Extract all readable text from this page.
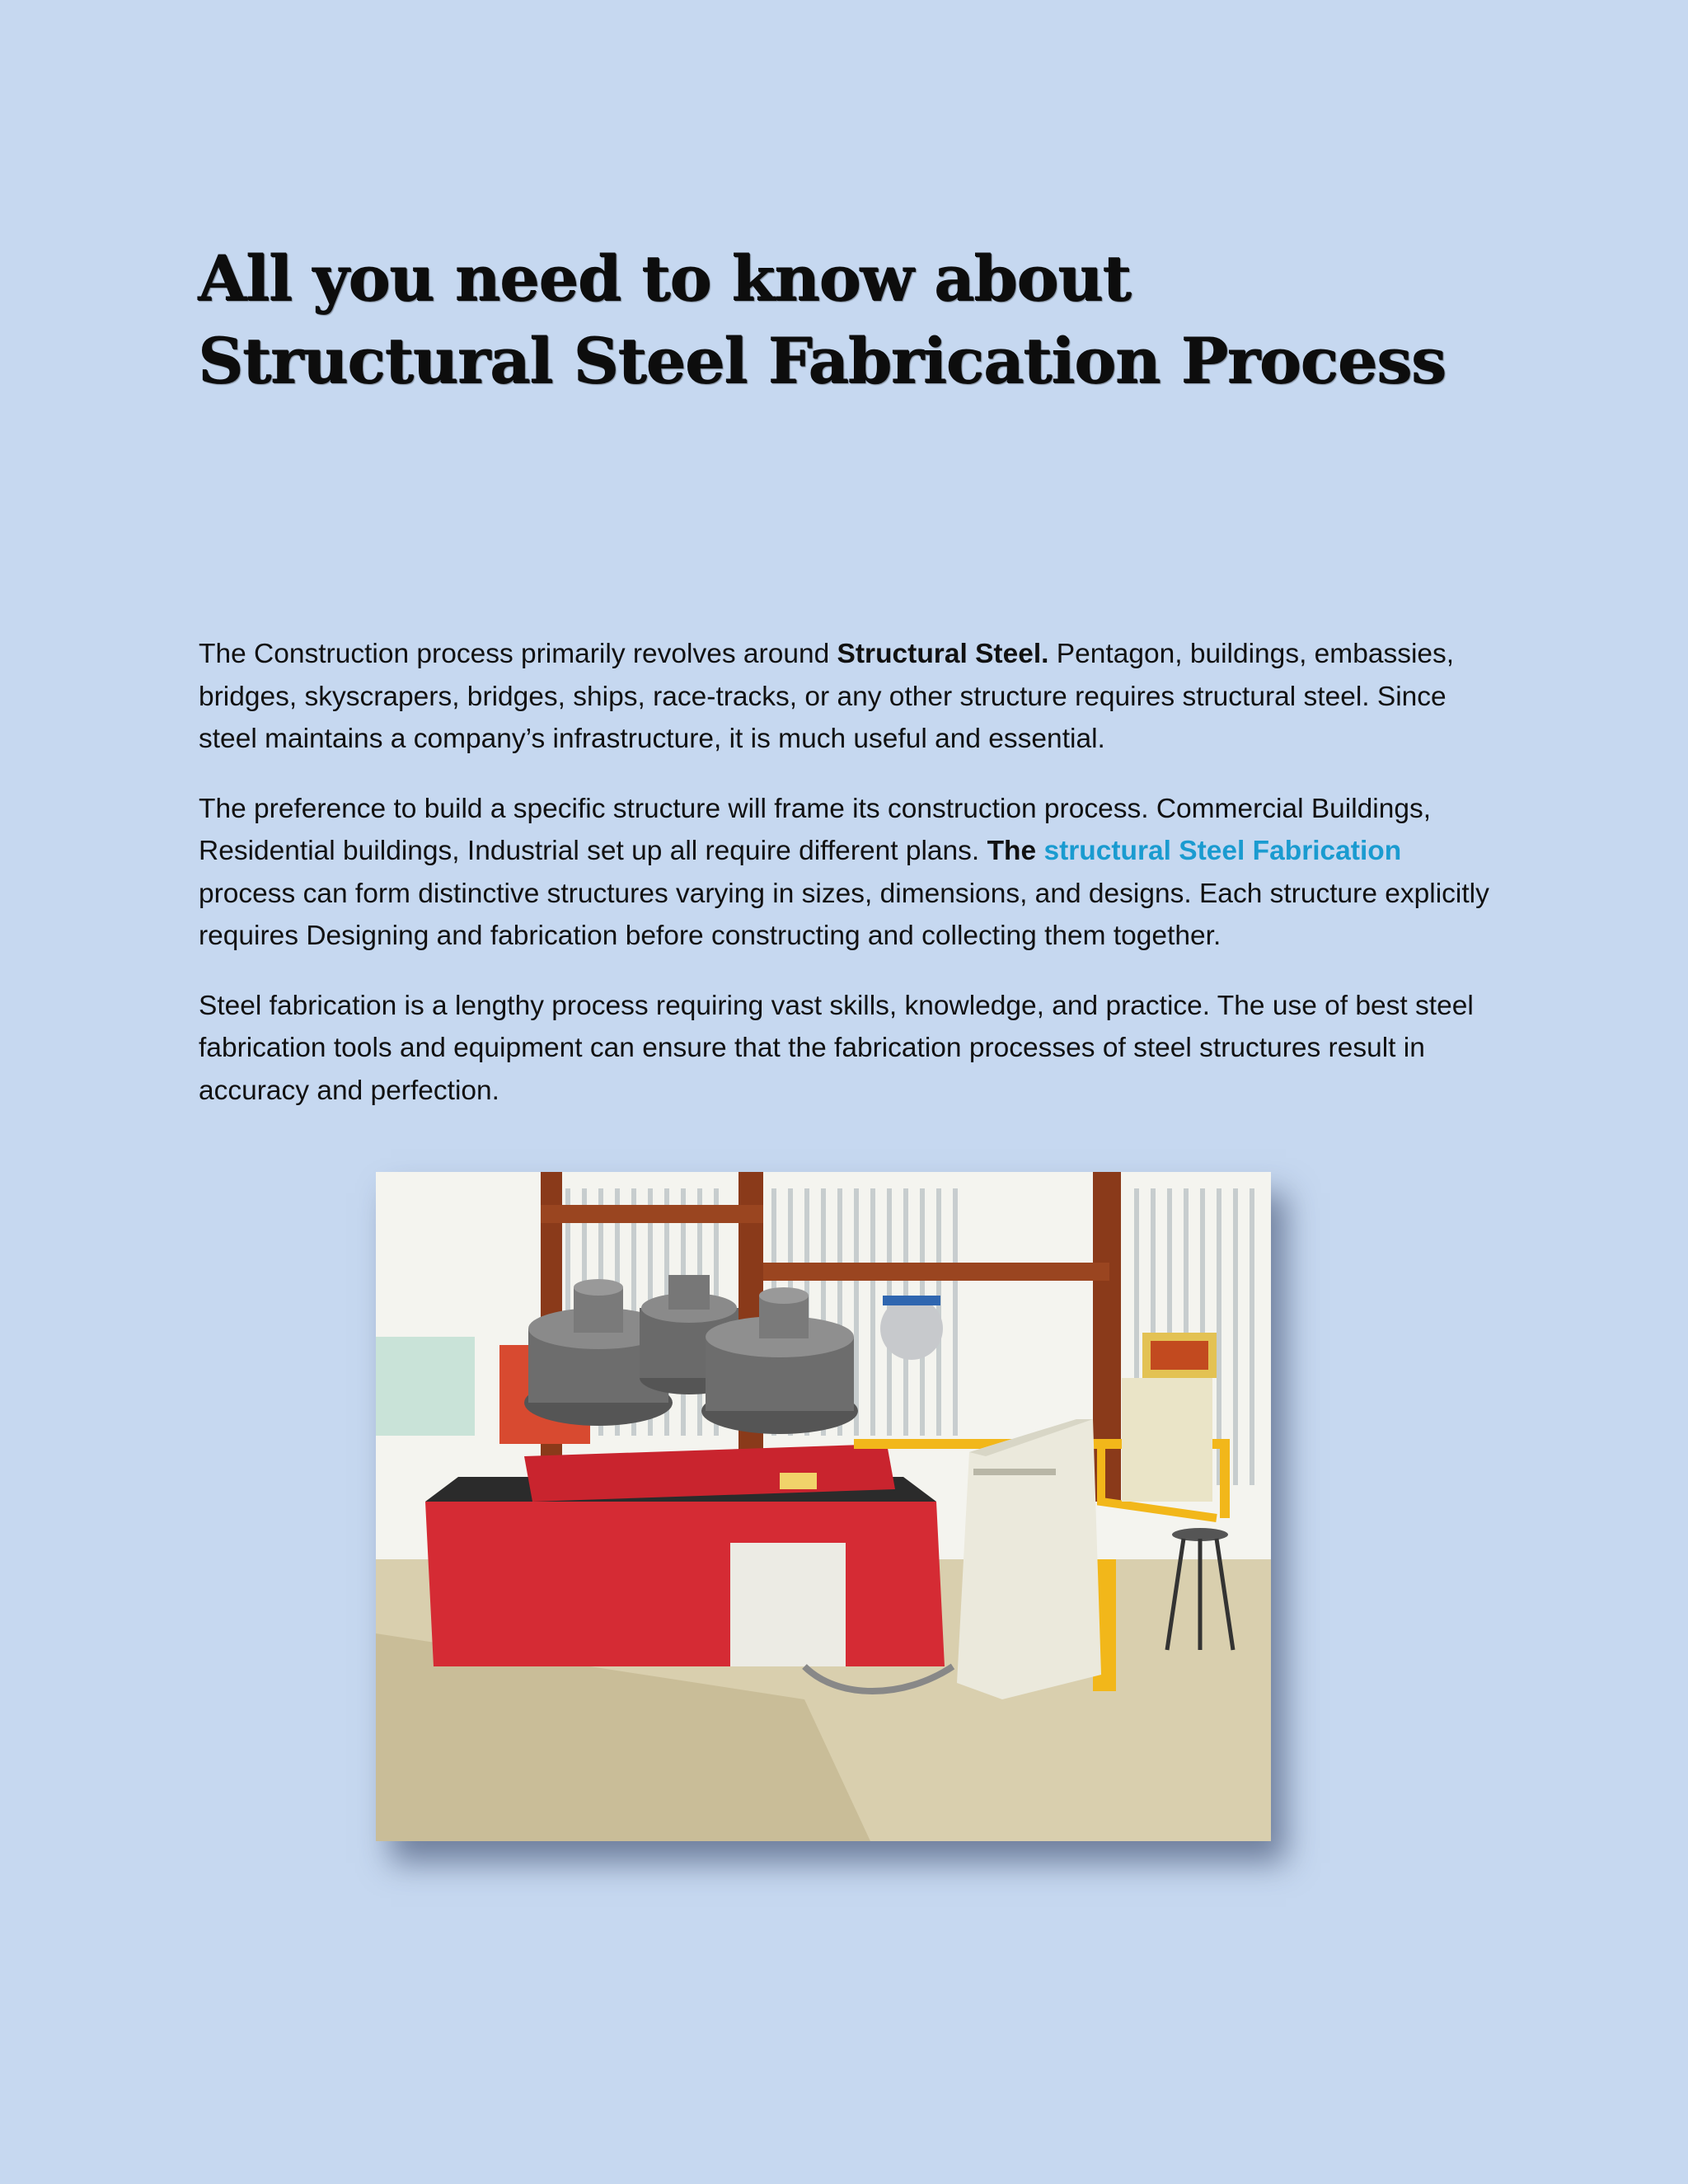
All you need to know about Structural Steel Fabrication Process

The Construction process primarily revolves around Structural Steel. Pentagon, buildings, embassies, bridges, skyscrapers, bridges, ships, race-tracks, or any other structure requires structural steel. Since steel maintains a company’s infrastructure, it is much useful and essential.

The preference to build a specific structure will frame its construction process. Commercial Buildings, Residential buildings, Industrial set up all require different plans. The structural Steel Fabrication process can form distinctive structures varying in sizes, dimensions, and designs. Each structure explicitly requires Designing and fabrication before constructing and collecting them together.

Steel fabrication is a lengthy process requiring vast skills, knowledge, and practice. The use of best steel fabrication tools and equipment can ensure that the fabrication processes of steel structures result in accuracy and perfection.
